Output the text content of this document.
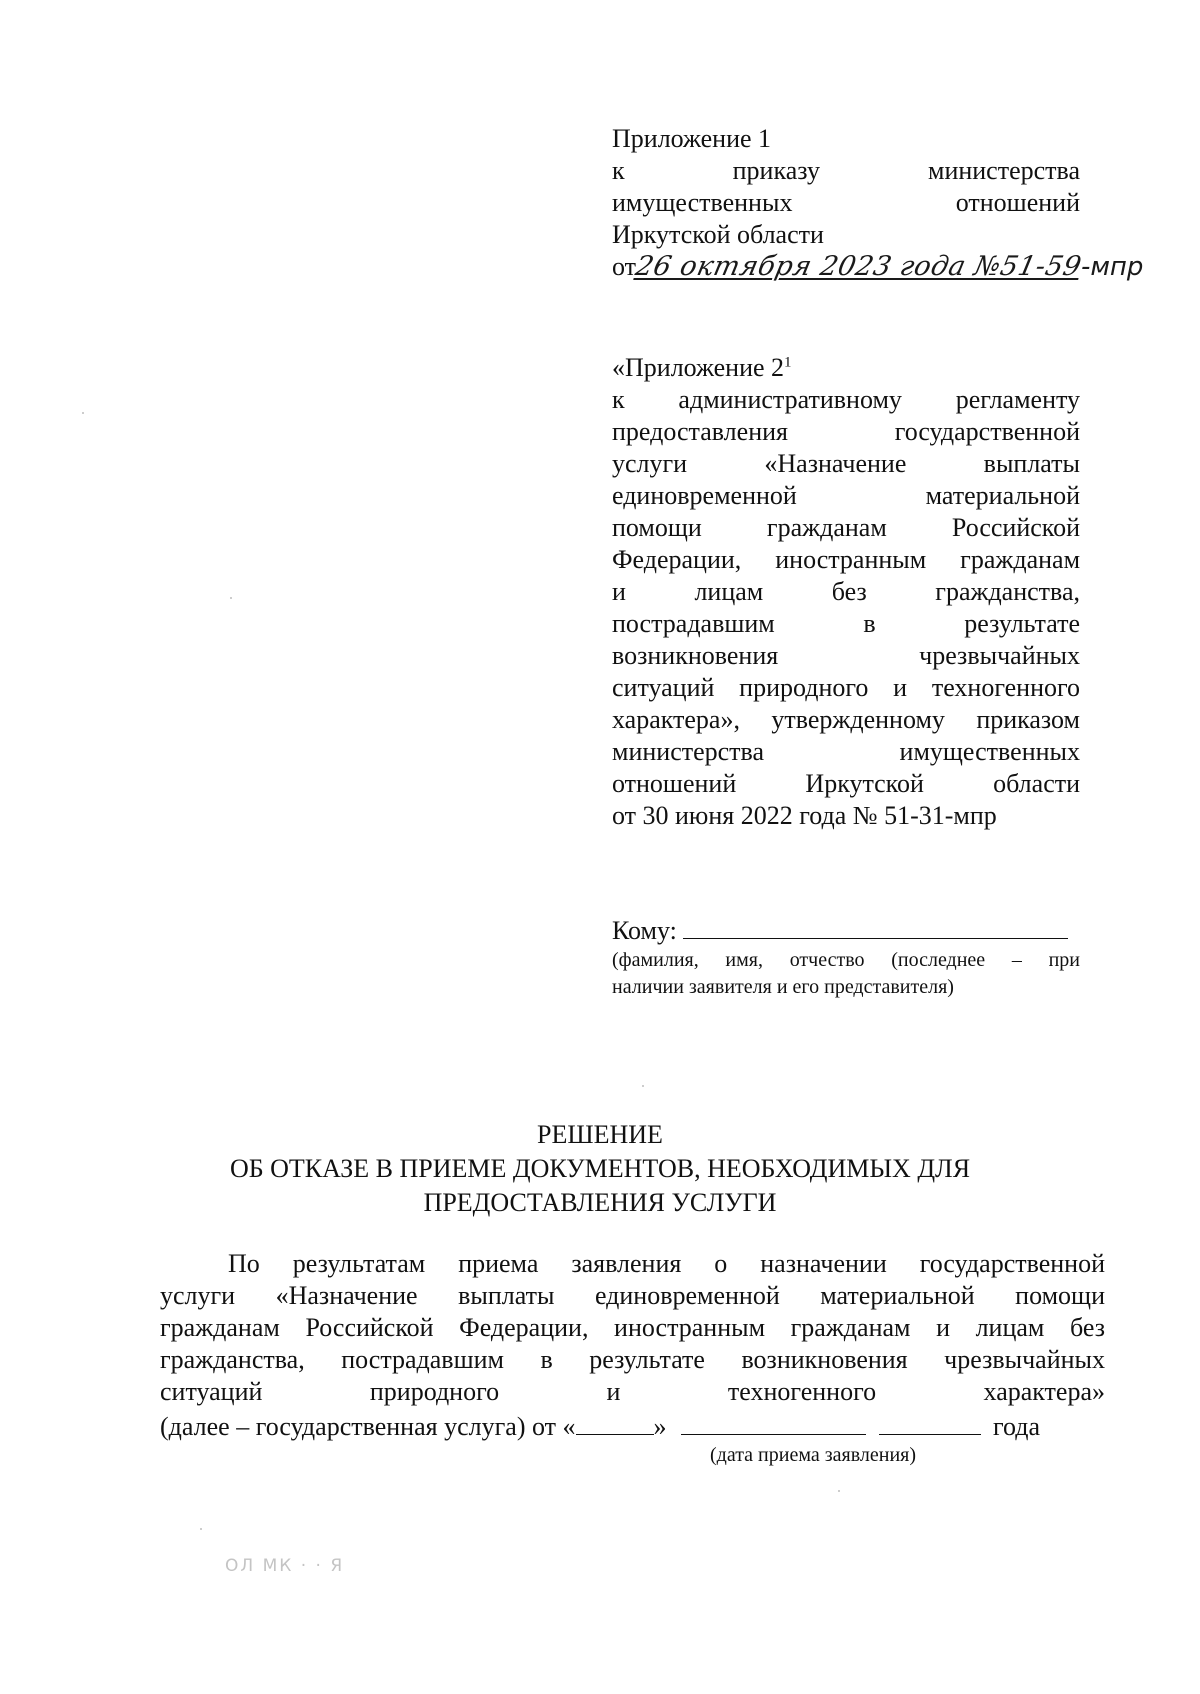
Приложение 1
к	приказу	министерства
имущественных	отношений
Иркутской области
от26 октября 2023 года №51-59-мпр
«Приложение $2^1$
к административному регламенту
предоставления	государственной
услуги	«Назначение	выплаты
единовременной	материальной
помощи	гражданам	Российской
Федерации, иностранным гражданам
и	лицам	без	гражданства,
пострадавшим	в	результате
возникновения	чрезвычайных
ситуаций природного и техногенного
характера», утвержденному приказом
министерства	имущественных
отношений	Иркутской	области
от 30 июня 2022 года № 51-31-мпр
Кому:
(фамилия, имя, отчество (последнее – при
наличии заявителя и его представителя)
РЕШЕНИЕ
ОБ ОТКАЗЕ В ПРИЕМЕ ДОКУМЕНТОВ, НЕОБХОДИМЫХ ДЛЯ
ПРЕДОСТАВЛЕНИЯ УСЛУГИ
По результатам приема заявления о назначении государственной
услуги «Назначение выплаты единовременной материальной помощи
гражданам Российской Федерации, иностранным гражданам и лицам без
гражданства, пострадавшим в результате возникновения чрезвычайных
ситуаций	природного	и	техногенного	характера»
(далее – государственная услуга) от «	»	года
(дата приема заявления)
ОЛ МК · · Я
